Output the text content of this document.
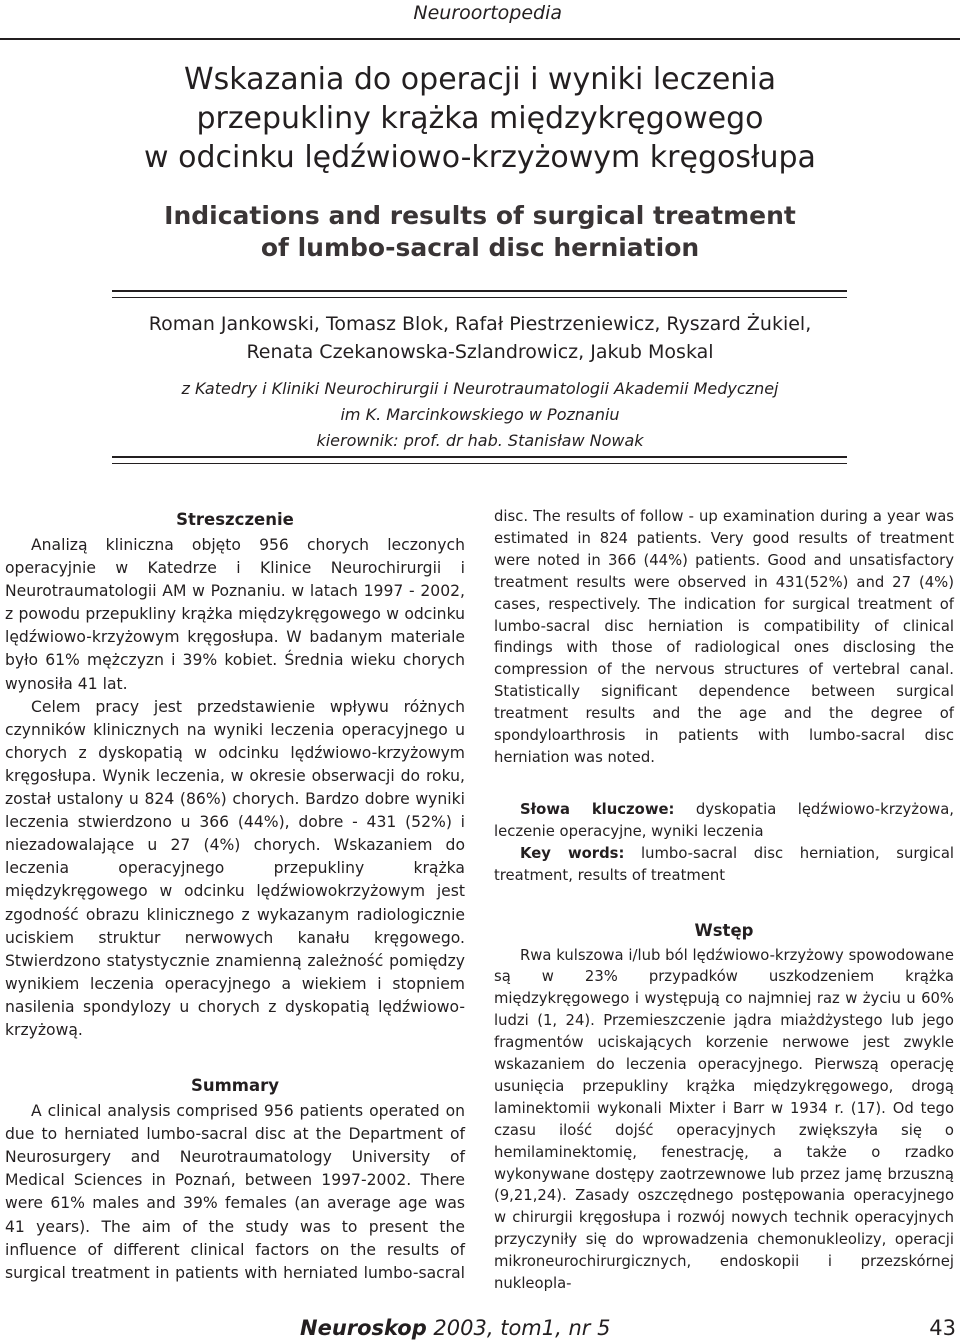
Neuroortopedia
Wskazania do operacji i wyniki leczenia
przepukliny krążka międzykręgowego
w odcinku lędźwiowo-krzyżowym kręgosłupa
Indications and results of surgical treatment
of lumbo-sacral disc herniation
Roman Jankowski, Tomasz Blok, Rafał Piestrzeniewicz, Ryszard Żukiel,
Renata Czekanowska-Szlandrowicz, Jakub Moskal
z Katedry i Kliniki Neurochirurgii i Neurotraumatologii Akademii Medycznej
im K. Marcinkowskiego w Poznaniu
kierownik: prof. dr hab. Stanisław Nowak
Streszczenie

Analizą kliniczna objęto 956 chorych leczonych operacyjnie w Katedrze i Klinice Neurochirurgii i Neurotraumatologii AM w Poznaniu. w latach 1997 - 2002, z powodu przepukliny krążka międzykręgowego w odcinku lędźwiowo-krzyżowym kręgosłupa. W badanym materiale było 61% mężczyzn i 39% kobiet. Średnia wieku chorych wynosiła 41 lat.

Celem pracy jest przedstawienie wpływu różnych czynników klinicznych na wyniki leczenia operacyjnego u chorych z dyskopatią w odcinku lędźwiowo-krzyżowym kręgosłupa. Wynik leczenia, w okresie obserwacji do roku, został ustalony u 824 (86%) chorych. Bardzo dobre wyniki leczenia stwierdzono u 366 (44%), dobre - 431 (52%) i niezadowalające u 27 (4%) chorych. Wskazaniem do leczenia operacyjnego przepukliny krążka międzykręgowego w odcinku lędźwiowokrzyżowym jest zgodność obrazu klinicznego z wykazanym radiologicznie uciskiem struktur nerwowych kanału kręgowego. Stwierdzono statystycznie znamienną zależność pomiędzy wynikiem leczenia operacyjnego a wiekiem i stopniem nasilenia spondylozy u chorych z dyskopatią lędźwiowo-krzyżową.

Summary

A clinical analysis comprised 956 patients operated on due to herniated lumbo-sacral disc at the Department of Neurosurgery and Neurotraumatology University of Medical Sciences in Poznań, between 1997-2002. There were 61% males and 39% females (an average age was 41 years). The aim of the study was to present the influence of different clinical factors on the results of surgical treatment in patients with herniated lumbo-sacral

disc. The results of follow - up examination during a year was estimated in 824 patients. Very good results of treatment were noted in 366 (44%) patients. Good and unsatisfactory treatment results were observed in 431(52%) and 27 (4%) cases, respectively. The indication for surgical treatment of lumbo-sacral disc herniation is compatibility of clinical findings with those of radiological ones disclosing the compression of the nervous structures of vertebral canal. Statistically significant dependence between surgical treatment results and the age and the degree of spondyloarthrosis in patients with lumbo-sacral disc herniation was noted.

Słowa kluczowe: dyskopatia lędźwiowo-krzyżowa, leczenie operacyjne, wyniki leczenia

Key words: lumbo-sacral disc herniation, surgical treatment, results of treatment

Wstęp

Rwa kulszowa i/lub ból lędźwiowo-krzyżowy spowodowane są w 23% przypadków uszkodzeniem krążka międzykręgowego i występują co najmniej raz w życiu u 60% ludzi (1, 24). Przemieszczenie jądra miażdżystego lub jego fragmentów uciskających korzenie nerwowe jest zwykle wskazaniem do leczenia operacyjnego. Pierwszą operację usunięcia przepukliny krążka międzykręgowego, drogą laminektomii wykonali Mixter i Barr w 1934 r. (17). Od tego czasu ilość dojść operacyjnych zwiększyła się o hemilaminektomię, fenestrację, a także o rzadko wykonywane dostępy zaotrzewnowe lub przez jamę brzuszną (9,21,24). Zasady oszczędnego postępowania operacyjnego w chirurgii kręgosłupa i rozwój nowych technik operacyjnych przyczyniły się do wprowadzenia chemonukleolizy, operacji mikroneurochirurgicznych, endoskopii i przezskórnej nukleopla-

Neuroskop 2003, tom1, nr 5	43
